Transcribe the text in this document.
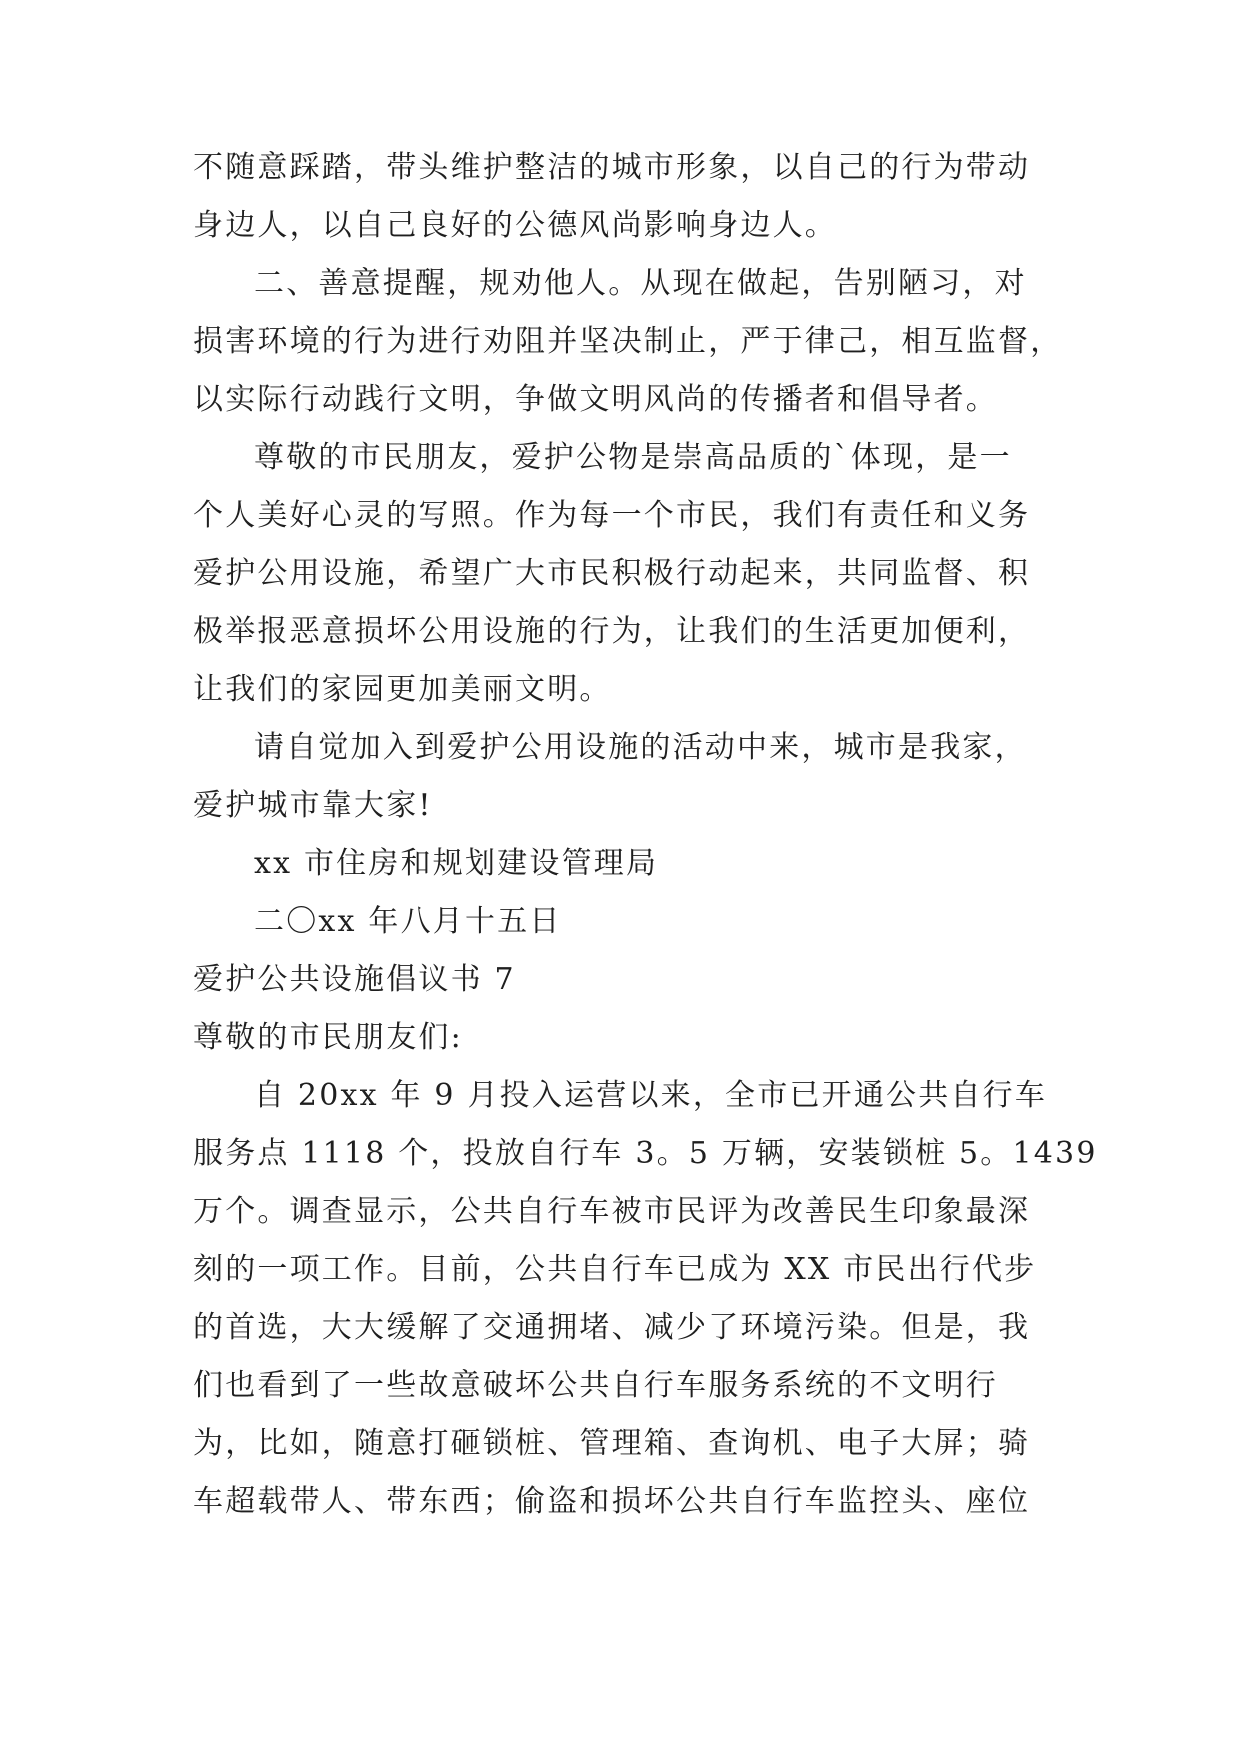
不随意踩踏，带头维护整洁的城市形象，以自己的行为带动
身边人，以自己良好的公德风尚影响身边人。
二、善意提醒，规劝他人。从现在做起，告别陋习，对
损害环境的行为进行劝阻并坚决制止，严于律己，相互监督，
以实际行动践行文明，争做文明风尚的传播者和倡导者。
尊敬的市民朋友，爱护公物是崇高品质的`体现，是一
个人美好心灵的写照。作为每一个市民，我们有责任和义务
爱护公用设施，希望广大市民积极行动起来，共同监督、积
极举报恶意损坏公用设施的行为，让我们的生活更加便利，
让我们的家园更加美丽文明。
请自觉加入到爱护公用设施的活动中来，城市是我家，
爱护城市靠大家!
xx 市住房和规划建设管理局
二〇xx 年八月十五日
爱护公共设施倡议书 7
尊敬的市民朋友们:
自 20xx 年 9 月投入运营以来，全市已开通公共自行车
服务点 1118 个，投放自行车 3。5 万辆，安装锁桩 5。1439
万个。调查显示，公共自行车被市民评为改善民生印象最深
刻的一项工作。目前，公共自行车已成为 XX 市民出行代步
的首选，大大缓解了交通拥堵、减少了环境污染。但是，我
们也看到了一些故意破坏公共自行车服务系统的不文明行
为，比如，随意打砸锁桩、管理箱、查询机、电子大屏；骑
车超载带人、带东西；偷盗和损坏公共自行车监控头、座位
